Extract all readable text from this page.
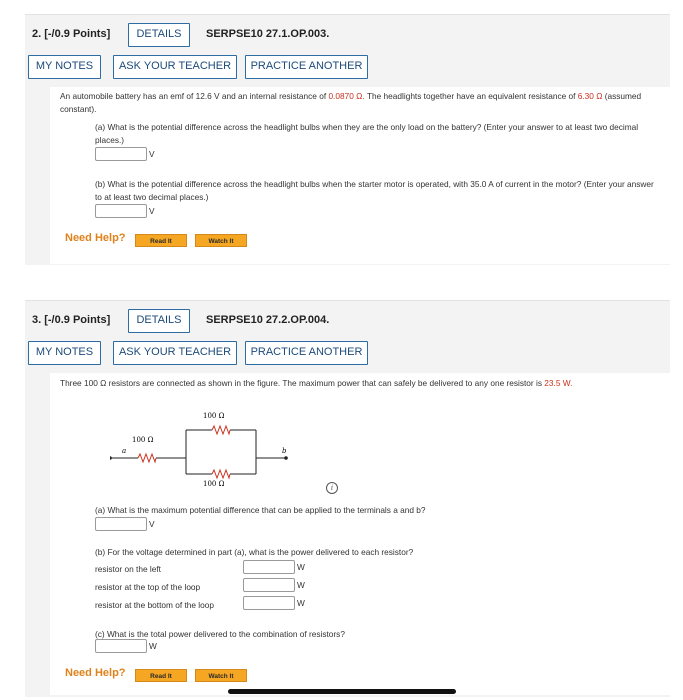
2. [-/0.9 Points]	DETAILS	SERPSE10 27.1.OP.003.
MY NOTES	ASK YOUR TEACHER	PRACTICE ANOTHER

An automobile battery has an emf of 12.6 V and an internal resistance of 0.0870 Ω. The headlights together have an equivalent resistance of 6.30 Ω (assumed constant).

(a) What is the potential difference across the headlight bulbs when they are the only load on the battery? (Enter your answer to at least two decimal places.)

V

(b) What is the potential difference across the headlight bulbs when the starter motor is operated, with 35.0 A of current in the motor? (Enter your answer to at least two decimal places.)

V
Need Help?	Read It	Watch It
3. [-/0.9 Points]	DETAILS	SERPSE10 27.2.OP.004.
MY NOTES	ASK YOUR TEACHER	PRACTICE ANOTHER

Three 100 Ω resistors are connected as shown in the figure. The maximum power that can safely be delivered to any one resistor is 23.5 W.

a	b
100 Ω
100 Ω
100 Ω	i

(a) What is the maximum potential difference that can be applied to the terminals a and b?

V

(b) For the voltage determined in part (a), what is the power delivered to each resistor?

resistor on the left	W
resistor at the top of the loop	W
resistor at the bottom of the loop	W

(c) What is the total power delivered to the combination of resistors?

W
Need Help?	Read It	Watch It
